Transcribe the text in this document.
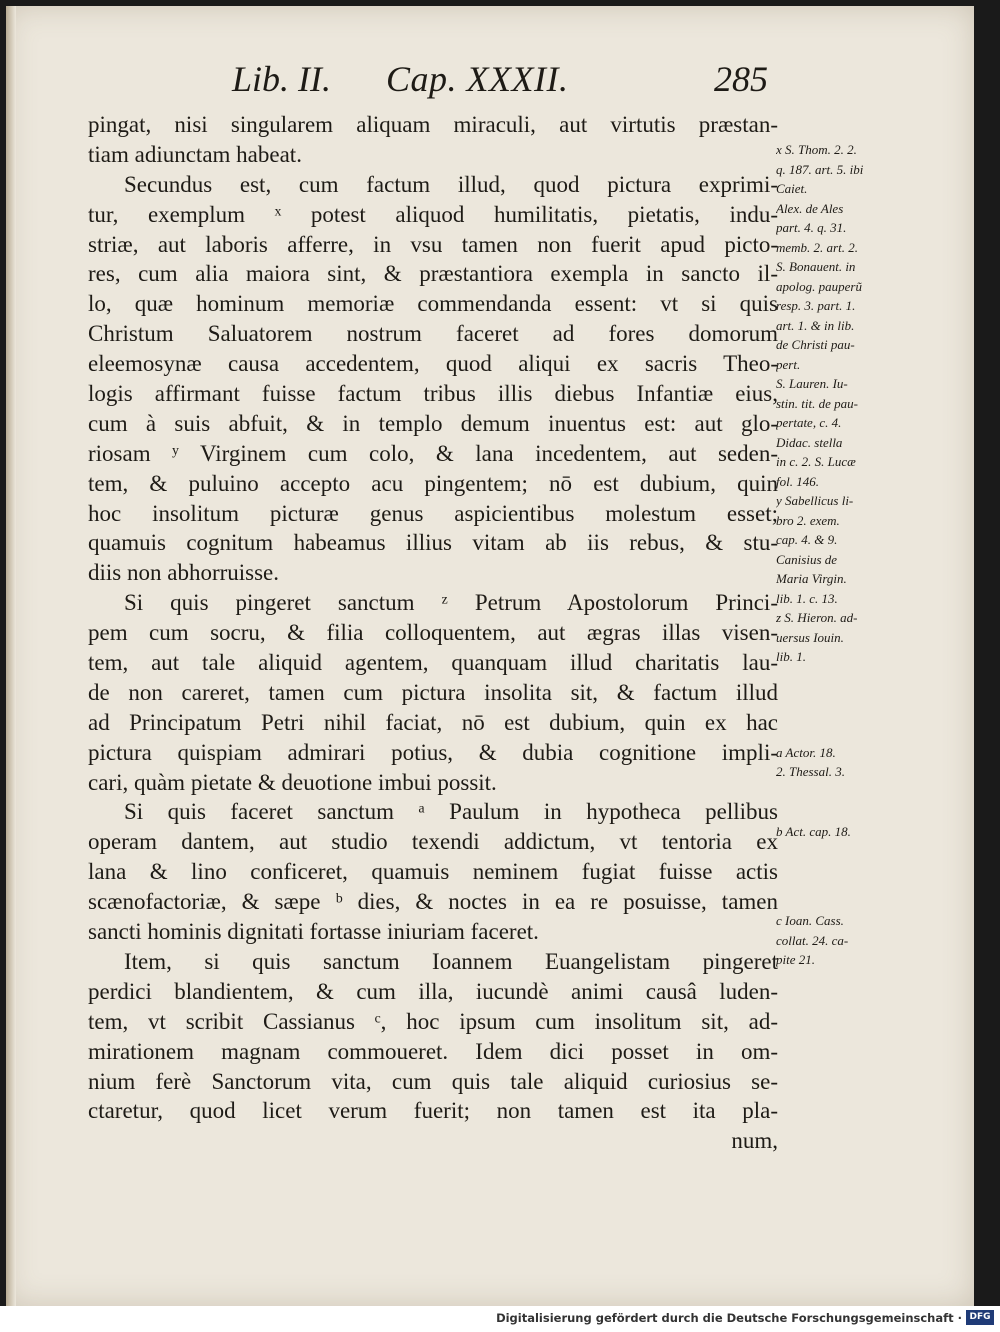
Lib. II. Cap. XXXII.	285
pingat, nisi singularem aliquam miraculi, aut virtutis præstan-
tiam adiunctam habeat.
Secundus est, cum factum illud, quod pictura exprimi-
tur, exemplum ˣ potest aliquod humilitatis, pietatis, indu-
striæ, aut laboris afferre, in vsu tamen non fuerit apud picto-
res, cum alia maiora sint, & præstantiora exempla in sancto il-
lo, quæ hominum memoriæ commendanda essent: vt si quis
Christum Saluatorem nostrum faceret ad fores domorum
eleemosynæ causa accedentem, quod aliqui ex sacris Theo-
logis affirmant fuisse factum tribus illis diebus Infantiæ eius,
cum à suis abfuit, & in templo demum inuentus est: aut glo-
riosam ʸ Virginem cum colo, & lana incedentem, aut seden-
tem, & puluino accepto acu pingentem; nō est dubium, quin
hoc insolitum picturæ genus aspicientibus molestum esset;
quamuis cognitum habeamus illius vitam ab iis rebus, & stu-
diis non abhorruisse.
Si quis pingeret sanctum ᶻ Petrum Apostolorum Princi-
pem cum socru, & filia colloquentem, aut ægras illas visen-
tem, aut tale aliquid agentem, quanquam illud charitatis lau-
de non careret, tamen cum pictura insolita sit, & factum illud
ad Principatum Petri nihil faciat, nō est dubium, quin ex hac
pictura quispiam admirari potius, & dubia cognitione impli-
cari, quàm pietate & deuotione imbui possit.
Si quis faceret sanctum ᵃ Paulum in hypotheca pellibus
operam dantem, aut studio texendi addictum, vt tentoria ex
lana & lino conficeret, quamuis neminem fugiat fuisse actis
scænofactoriæ, & sæpe ᵇ dies, & noctes in ea re posuisse, tamen
sancti hominis dignitati fortasse iniuriam faceret.
Item, si quis sanctum Ioannem Euangelistam pingeret
perdici blandientem, & cum illa, iucundè animi causâ luden-
tem, vt scribit Cassianus ᶜ, hoc ipsum cum insolitum sit, ad-
mirationem magnam commoueret. Idem dici posset in om-
nium ferè Sanctorum vita, cum quis tale aliquid curiosius se-
ctaretur, quod licet verum fuerit; non tamen est ita pla-
num,
x S. Thom. 2. 2.
q. 187. art. 5. ibi
Caiet.
Alex. de Ales
part. 4. q. 31.
memb. 2. art. 2.
S. Bonauent. in
apolog. pauperũ
resp. 3. part. 1.
art. 1. & in lib.
de Christi pau-
pert.
S. Lauren. Iu-
stin. tit. de pau-
pertate, c. 4.
Didac. stella
in c. 2. S. Lucæ
fol. 146.
y Sabellicus li-
bro 2. exem.
cap. 4. & 9.
Canisius de
Maria Virgin.
lib. 1. c. 13.
z S. Hieron. ad-
uersus Iouin.
lib. 1.
a Actor. 18.
2. Thessal. 3.
b Act. cap. 18.
c Ioan. Cass.
collat. 24. ca-
pite 21.
Digitalisierung gefördert durch die Deutsche Forschungsgemeinschaft · DFG
